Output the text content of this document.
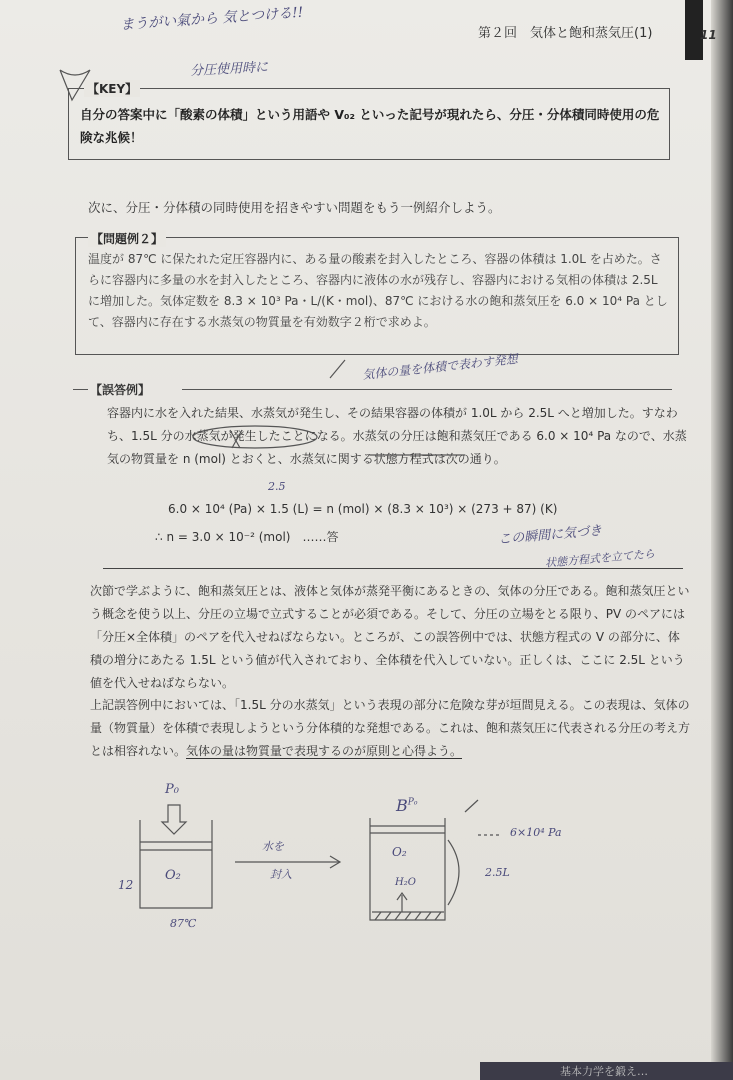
第２回　気体と飽和蒸気圧(1)	11
まうがい氣から 気とつける!!
分圧使用時に
【KEY】
自分の答案中に「酸素の体積」という用語や V₀₂ といった記号が現れたら、分圧・分体積同時使用の危険な兆候！
次に、分圧・分体積の同時使用を招きやすい問題をもう一例紹介しよう。
【問題例２】
温度が 87℃ に保たれた定圧容器内に、ある量の酸素を封入したところ、容器の体積は 1.0L を占めた。さらに容器内に多量の水を封入したところ、容器内に液体の水が残存し、容器内における気相の体積は 2.5L に増加した。気体定数を 8.3 × 10³ Pa・L/(K・mol)、87℃ における水の飽和蒸気圧を 6.0 × 10⁴ Pa として、容器内に存在する水蒸気の物質量を有効数字２桁で求めよ。
気体の量を体積で表わす発想
【誤答例】
容器内に水を入れた結果、水蒸気が発生し、その結果容器の体積が 1.0L から 2.5L へと増加した。すなわち、1.5L 分の水蒸気が発生したことになる。水蒸気の分圧は飽和蒸気圧である 6.0 × 10⁴ Pa なので、水蒸気の物質量を n (mol) とおくと、水蒸気に関する状態方程式は次の通り。
2.5
6.0 × 10⁴ (Pa) × 1.5 (L) = n (mol) × (8.3 × 10³) × (273 + 87) (K)
∴ n = 3.0 × 10⁻² (mol)　……答	この瞬間に気づき
状態方程式を立てたら
次節で学ぶように、飽和蒸気圧とは、液体と気体が蒸発平衡にあるときの、気体の分圧である。飽和蒸気圧という概念を使う以上、分圧の立場で立式することが必須である。そして、分圧の立場をとる限り、PV のペアには「分圧×全体積」のペアを代入せねばならない。ところが、この誤答例中では、状態方程式の V の部分に、体積の増分にあたる 1.5L という値が代入されており、全体積を代入していない。正しくは、ここに 2.5L という値を代入せねばならない。
上記誤答例中においては、「1.5L 分の水蒸気」という表現の部分に危険な芽が垣間見える。この表現は、気体の量（物質量）を体積で表現しようという分体積的な発想である。これは、飽和蒸気圧に代表される分圧の考え方とは相容れない。気体の量は物質量で表現するのが原則と心得よう。
P₀
12
O₂
87℃
水を
封入
$B^{P_0}$
O₂
H₂O
6×10⁴ Pa
2.5L
基本力学を鍛え…
